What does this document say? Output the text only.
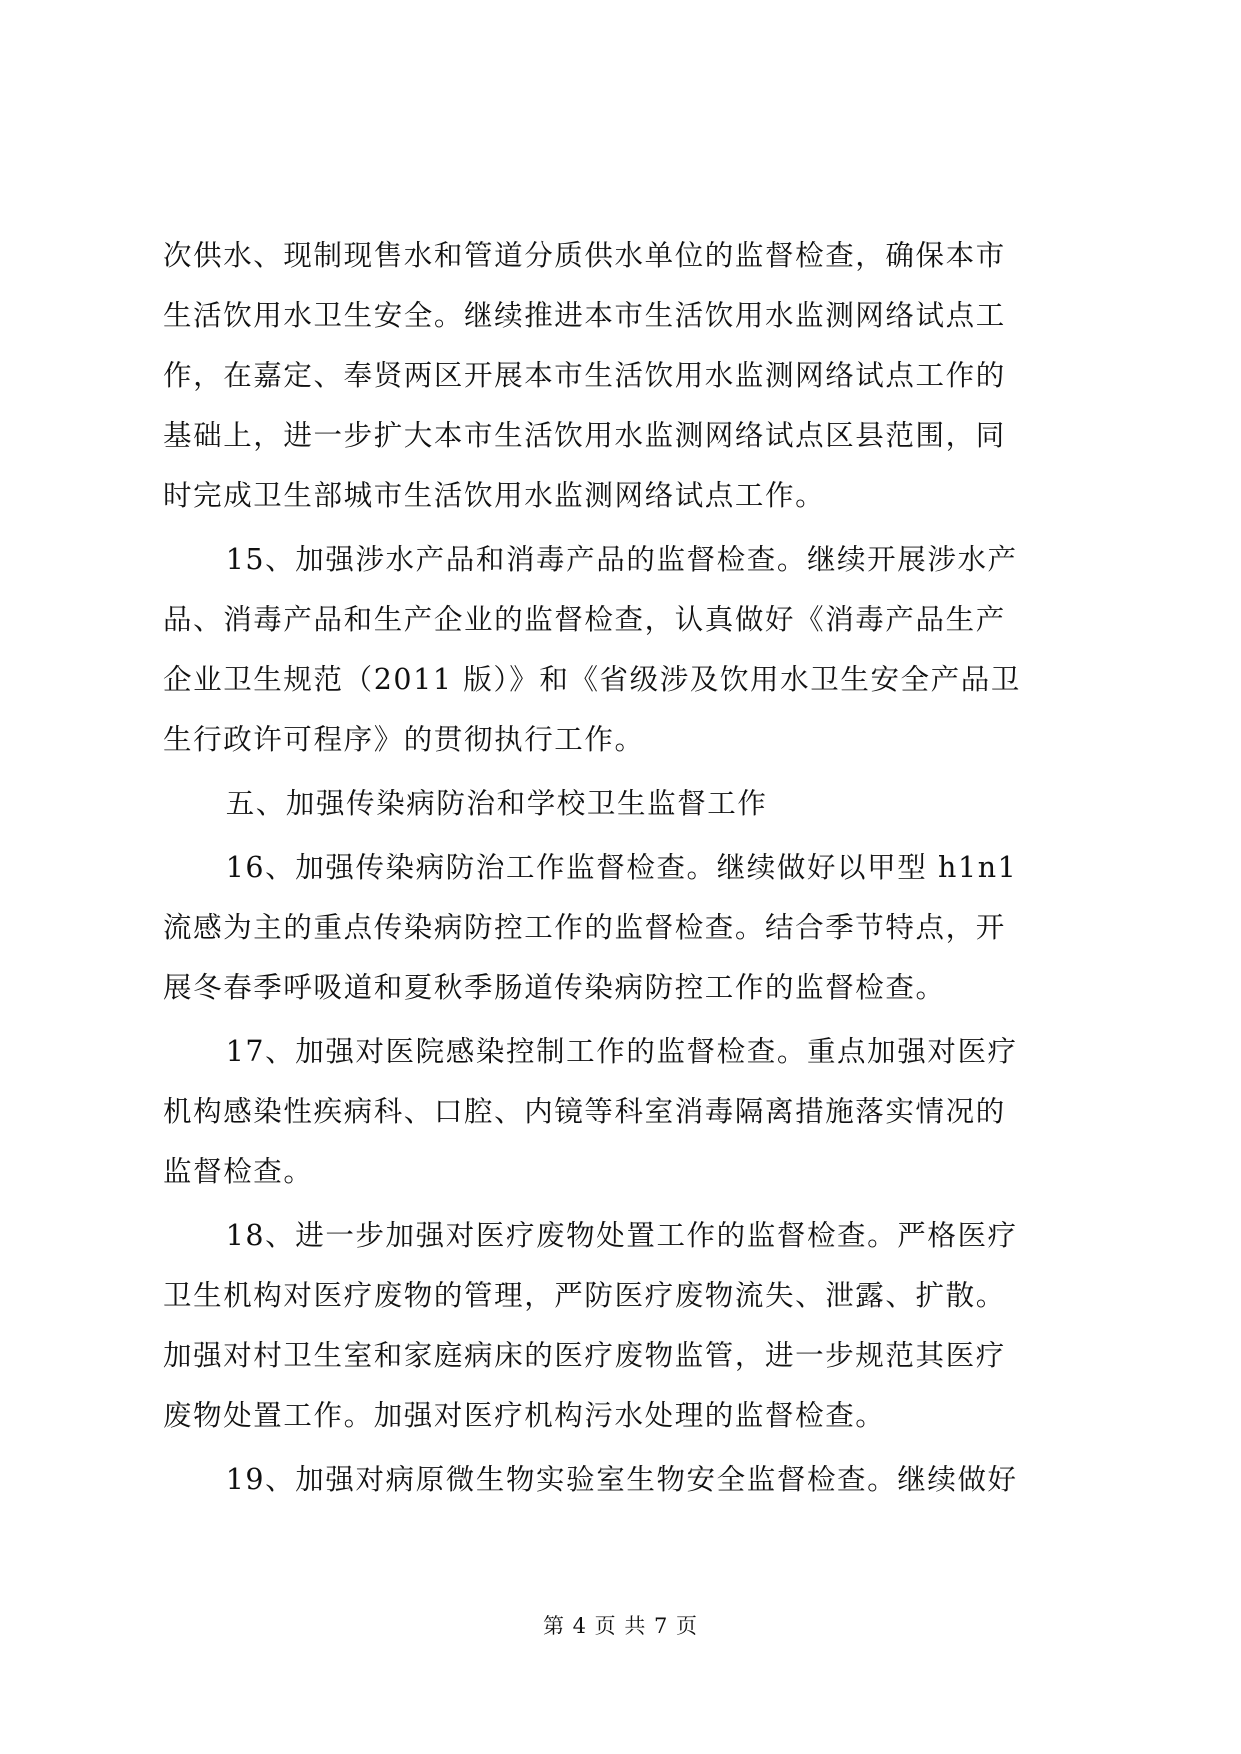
次供水、现制现售水和管道分质供水单位的监督检查，确保本市
生活饮用水卫生安全。继续推进本市生活饮用水监测网络试点工
作，在嘉定、奉贤两区开展本市生活饮用水监测网络试点工作的
基础上，进一步扩大本市生活饮用水监测网络试点区县范围，同
时完成卫生部城市生活饮用水监测网络试点工作。
15、加强涉水产品和消毒产品的监督检查。继续开展涉水产
品、消毒产品和生产企业的监督检查，认真做好《消毒产品生产
企业卫生规范（2011 版）》和《省级涉及饮用水卫生安全产品卫
生行政许可程序》的贯彻执行工作。
五、加强传染病防治和学校卫生监督工作
16、加强传染病防治工作监督检查。继续做好以甲型 h1n1
流感为主的重点传染病防控工作的监督检查。结合季节特点，开
展冬春季呼吸道和夏秋季肠道传染病防控工作的监督检查。
17、加强对医院感染控制工作的监督检查。重点加强对医疗
机构感染性疾病科、口腔、内镜等科室消毒隔离措施落实情况的
监督检查。
18、进一步加强对医疗废物处置工作的监督检查。严格医疗
卫生机构对医疗废物的管理，严防医疗废物流失、泄露、扩散。
加强对村卫生室和家庭病床的医疗废物监管，进一步规范其医疗
废物处置工作。加强对医疗机构污水处理的监督检查。
19、加强对病原微生物实验室生物安全监督检查。继续做好
第 4 页 共 7 页
